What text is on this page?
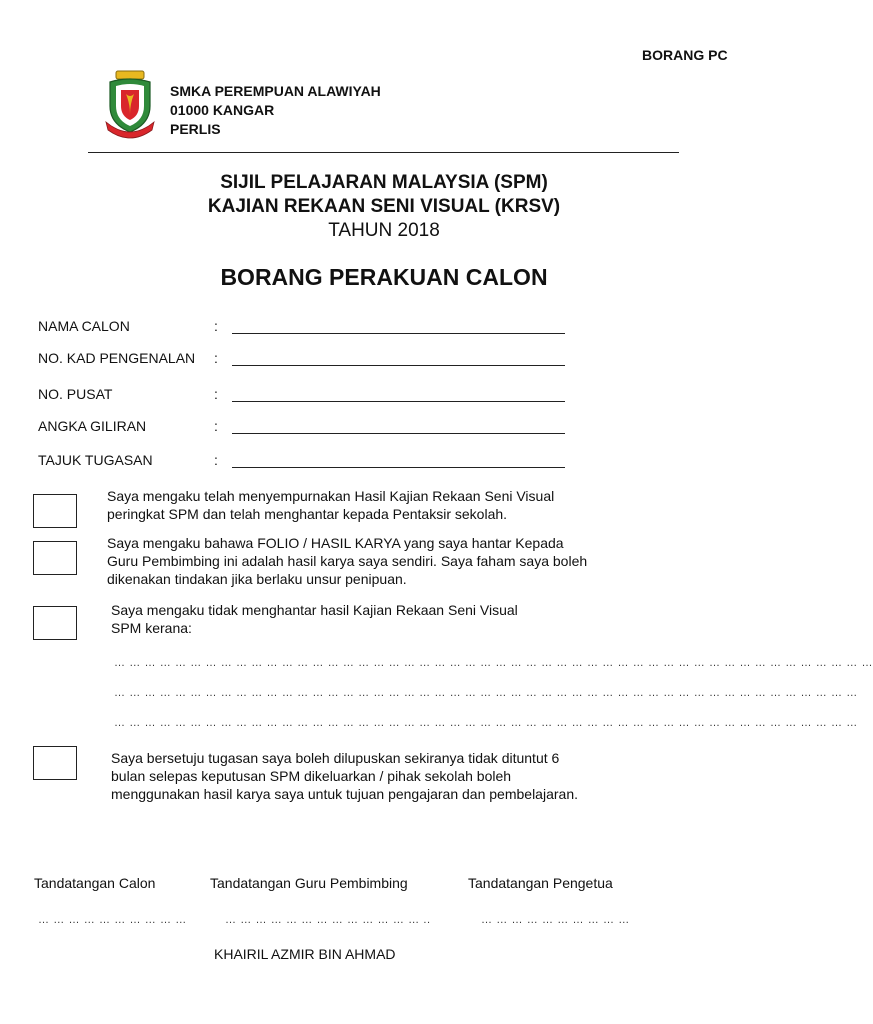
BORANG PC
SMKA PEREMPUAN ALAWIYAH
01000 KANGAR
PERLIS
SIJIL PELAJARAN MALAYSIA (SPM)
KAJIAN REKAAN SENI VISUAL (KRSV)
TAHUN 2018
BORANG PERAKUAN CALON
NAMA CALON	:
NO. KAD PENGENALAN :
NO. PUSAT	:
ANGKA GILIRAN	:
TAJUK TUGASAN	:
Saya mengaku telah menyempurnakan Hasil Kajian Rekaan Seni Visual
peringkat SPM dan telah menghantar kepada Pentaksir sekolah.
Saya mengaku bahawa FOLIO / HASIL KARYA yang saya hantar Kepada
Guru Pembimbing ini adalah hasil karya saya sendiri. Saya faham saya boleh
dikenakan tindakan jika berlaku unsur penipuan.
Saya mengaku tidak menghantar hasil Kajian Rekaan Seni Visual
SPM kerana:
… … … … … … … … … … … … … … … … … … … … … … … … … … … … … … … … … … … … … … … … … … … … … … … … … …
… … … … … … … … … … … … … … … … … … … … … … … … … … … … … … … … … … … … … … … … … … … … … … … … …
… … … … … … … … … … … … … … … … … … … … … … … … … … … … … … … … … … … … … … … … … … … … … … … … …
Saya bersetuju tugasan saya boleh dilupuskan sekiranya tidak dituntut 6
bulan selepas keputusan SPM dikeluarkan / pihak sekolah boleh
menggunakan hasil karya saya untuk tujuan pengajaran dan pembelajaran.
Tandatangan Calon	Tandatangan Guru Pembimbing	Tandatangan Pengetua
… … … … … … … … … …	… … … … … … … … … … … … … ..	… … … … … … … … … …
KHAIRIL AZMIR BIN AHMAD
